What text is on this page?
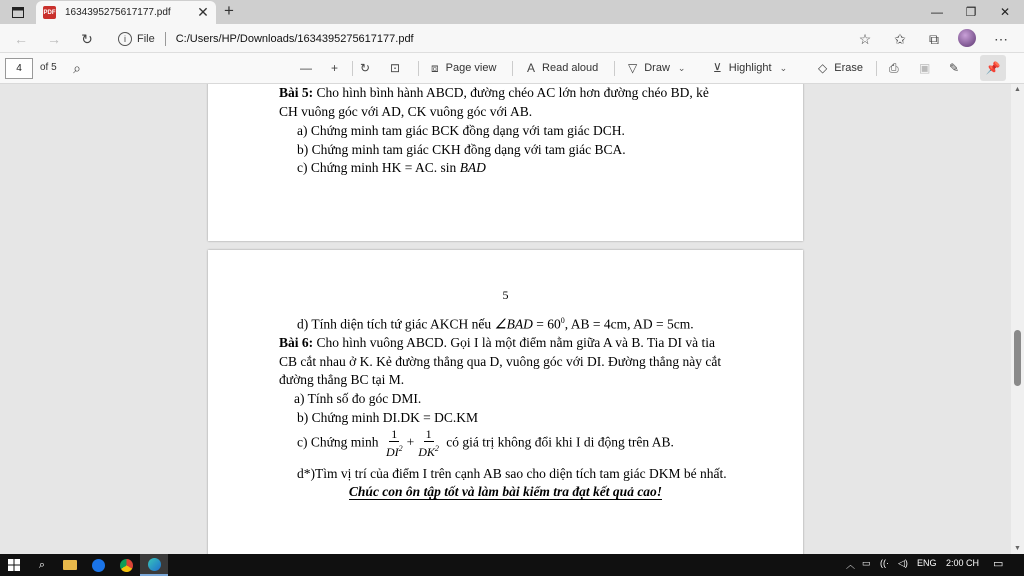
PDF 1634395275617177.pdf	✕ +	—	❐	✕
← →	↻	i	File C:/Users/HP/Downloads/1634395275617177.pdf	☆	✩	⧉	⋯
4	of 5	⌕	— + ↻ ⊡	⧈ Page view	A Read aloud ▽ Draw ⌄ ⊻ Highlight ⌄	◇ Erase ⎙ ▣ ✎ 📌
Bài 5: Cho hình bình hành ABCD, đường chéo AC lớn hơn đường chéo BD, kẻ
CH vuông góc với AD, CK vuông góc với AB.
a) Chứng minh tam giác BCK đồng dạng với tam giác DCH.
b) Chứng minh tam giác CKH đồng dạng với tam giác BCA.
c) Chứng minh HK = AC. sin BAD
5
d) Tính diện tích tứ giác AKCH nếu ∠BAD = $60^0$, AB = 4cm, AD = 5cm.
Bài 6: Cho hình vuông ABCD. Gọi I là một điểm nằm giữa A và B. Tia DI và tia
CB cắt nhau ở K. Kẻ đường thẳng qua D, vuông góc với DI. Đường thẳng này cắt
đường thẳng BC tại M.
a) Tính số đo góc DMI.
b) Chứng minh DI.DK = DC.KM
c) Chứng minh $\frac{1}{DI^2} + \frac{1}{DK^2}$ có giá trị không đổi khi I di động trên AB.
d*)Tìm vị trí của điểm I trên cạnh AB sao cho diện tích tam giác DKM bé nhất.
Chúc con ôn tập tốt và làm bài kiểm tra đạt kết quả cao!
▲
▼
⌕	︿ ▭ ((· ◁) ENG 2:00 CH ▭
